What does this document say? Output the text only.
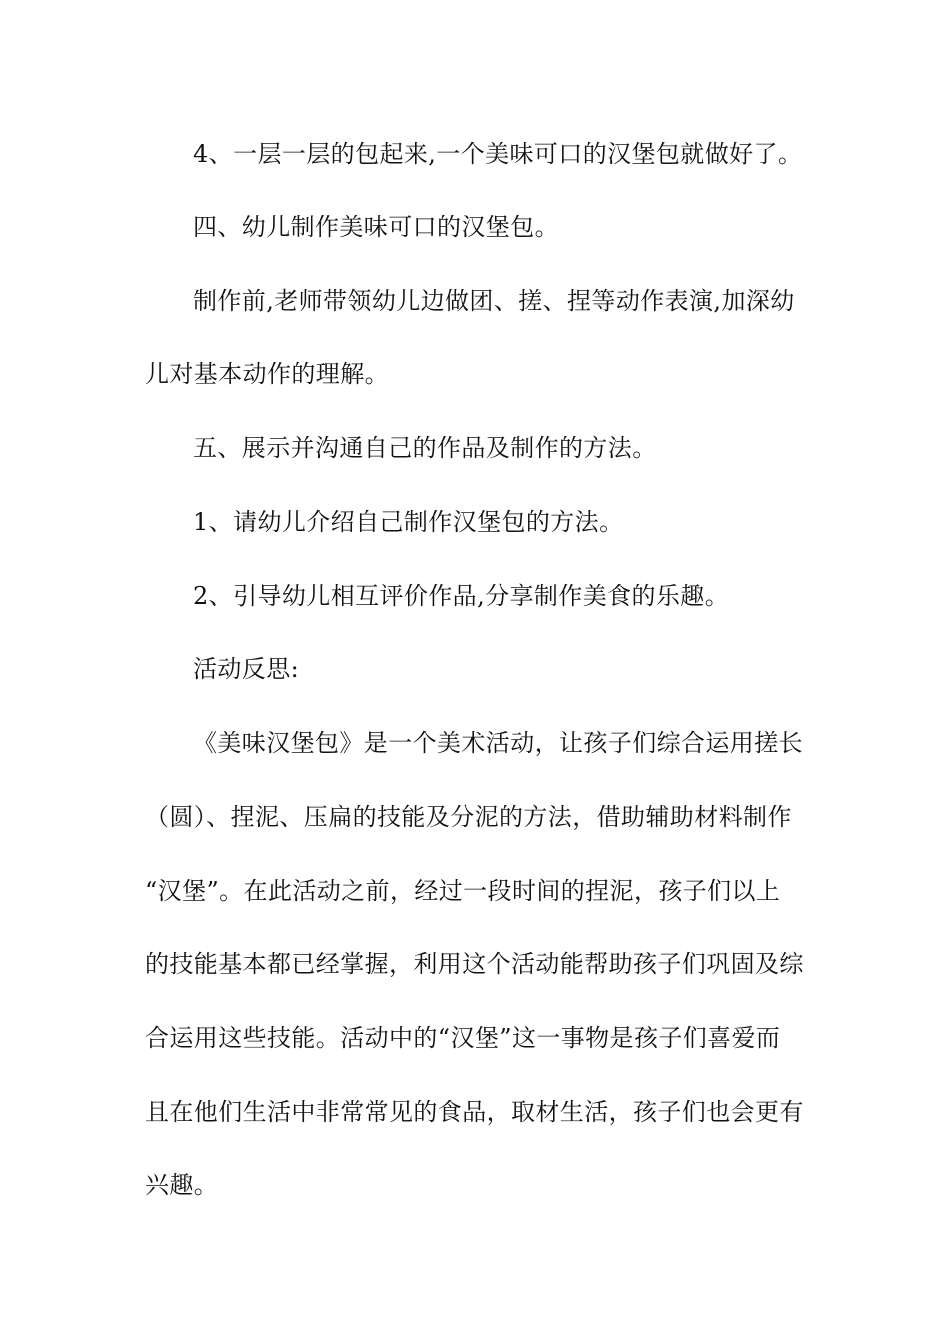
4、一层一层的包起来,一个美味可口的汉堡包就做好了。
四、幼儿制作美味可口的汉堡包。
制作前,老师带领幼儿边做团、搓、捏等动作表演,加深幼
儿对基本动作的理解。
五、展示并沟通自己的作品及制作的方法。
1、请幼儿介绍自己制作汉堡包的方法。
2、引导幼儿相互评价作品,分享制作美食的乐趣。
活动反思:
《美味汉堡包》是一个美术活动，让孩子们综合运用搓长
（圆）、捏泥、压扁的技能及分泥的方法，借助辅助材料制作
“汉堡”。在此活动之前，经过一段时间的捏泥，孩子们以上
的技能基本都已经掌握，利用这个活动能帮助孩子们巩固及综
合运用这些技能。活动中的“汉堡”这一事物是孩子们喜爱而
且在他们生活中非常常见的食品，取材生活，孩子们也会更有
兴趣。
